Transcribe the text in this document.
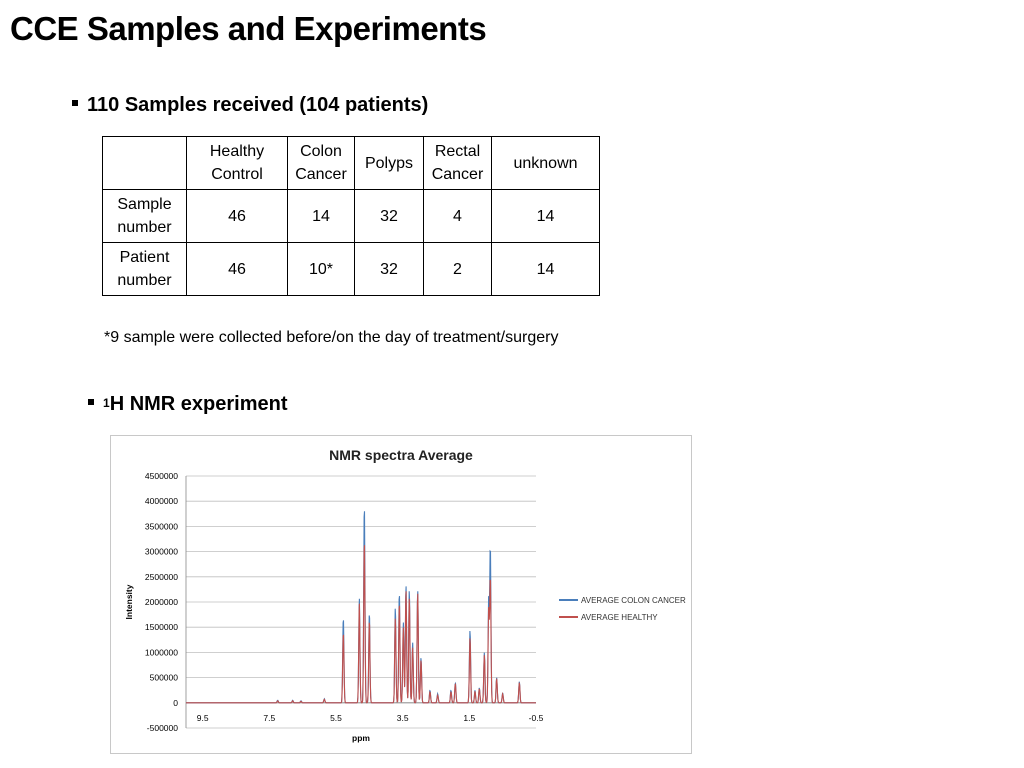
CCE Samples and Experiments
110 Samples received (104 patients)
	Healthy Control	Colon Cancer	Polyps	Rectal Cancer	unknown
Sample number	46	14	32	4	14
Patient number	46	10*	32	2	14
*9 sample were collected before/on the day of treatment/surgery
$^1$ H NMR experiment
NMR spectra Average
4500000
4000000
3500000
3000000
2500000
2000000
1500000
1000000
500000
0
-500000
9.5	7.5	5.5	3.5	1.5	-0.5
ppm
Intensity	AVERAGE COLON CANCER
AVERAGE HEALTHY
